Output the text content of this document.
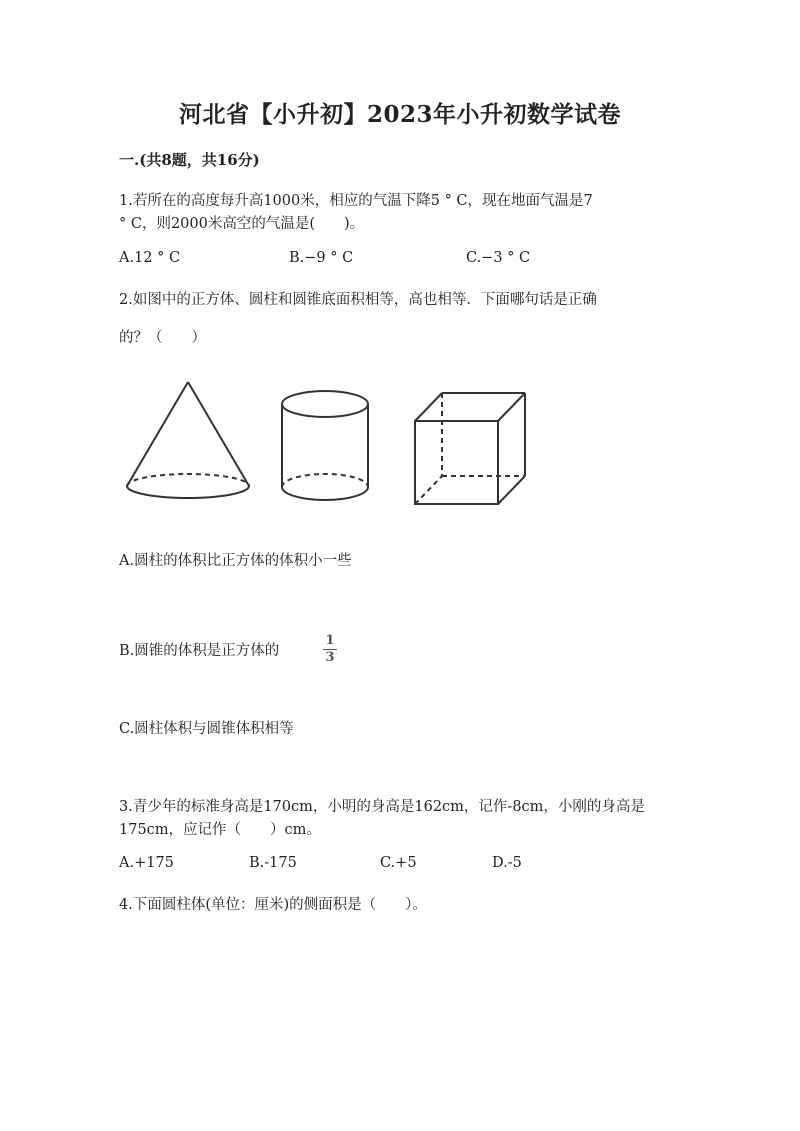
河北省【小升初】2023年小升初数学试卷
一.(共8题，共16分)
1.若所在的高度每升高1000米，相应的气温下降5 ° C，现在地面气温是7
° C，则2000米高空的气温是(　　)。
A.12 ° C	B.−9 ° C	C.−3 ° C
2.如图中的正方体、圆柱和圆锥底面积相等，高也相等．下面哪句话是正确
的？（　　）
A.圆柱的体积比正方体的体积小一些
B.圆锥的体积是正方体的
1
3
C.圆柱体积与圆锥体积相等
3.青少年的标准身高是170cm，小明的身高是162cm，记作-8cm，小刚的身高是
175cm，应记作（　　）cm。
A.+175	B.-175	C.+5	D.-5
4.下面圆柱体(单位：厘米)的侧面积是（　　）。
